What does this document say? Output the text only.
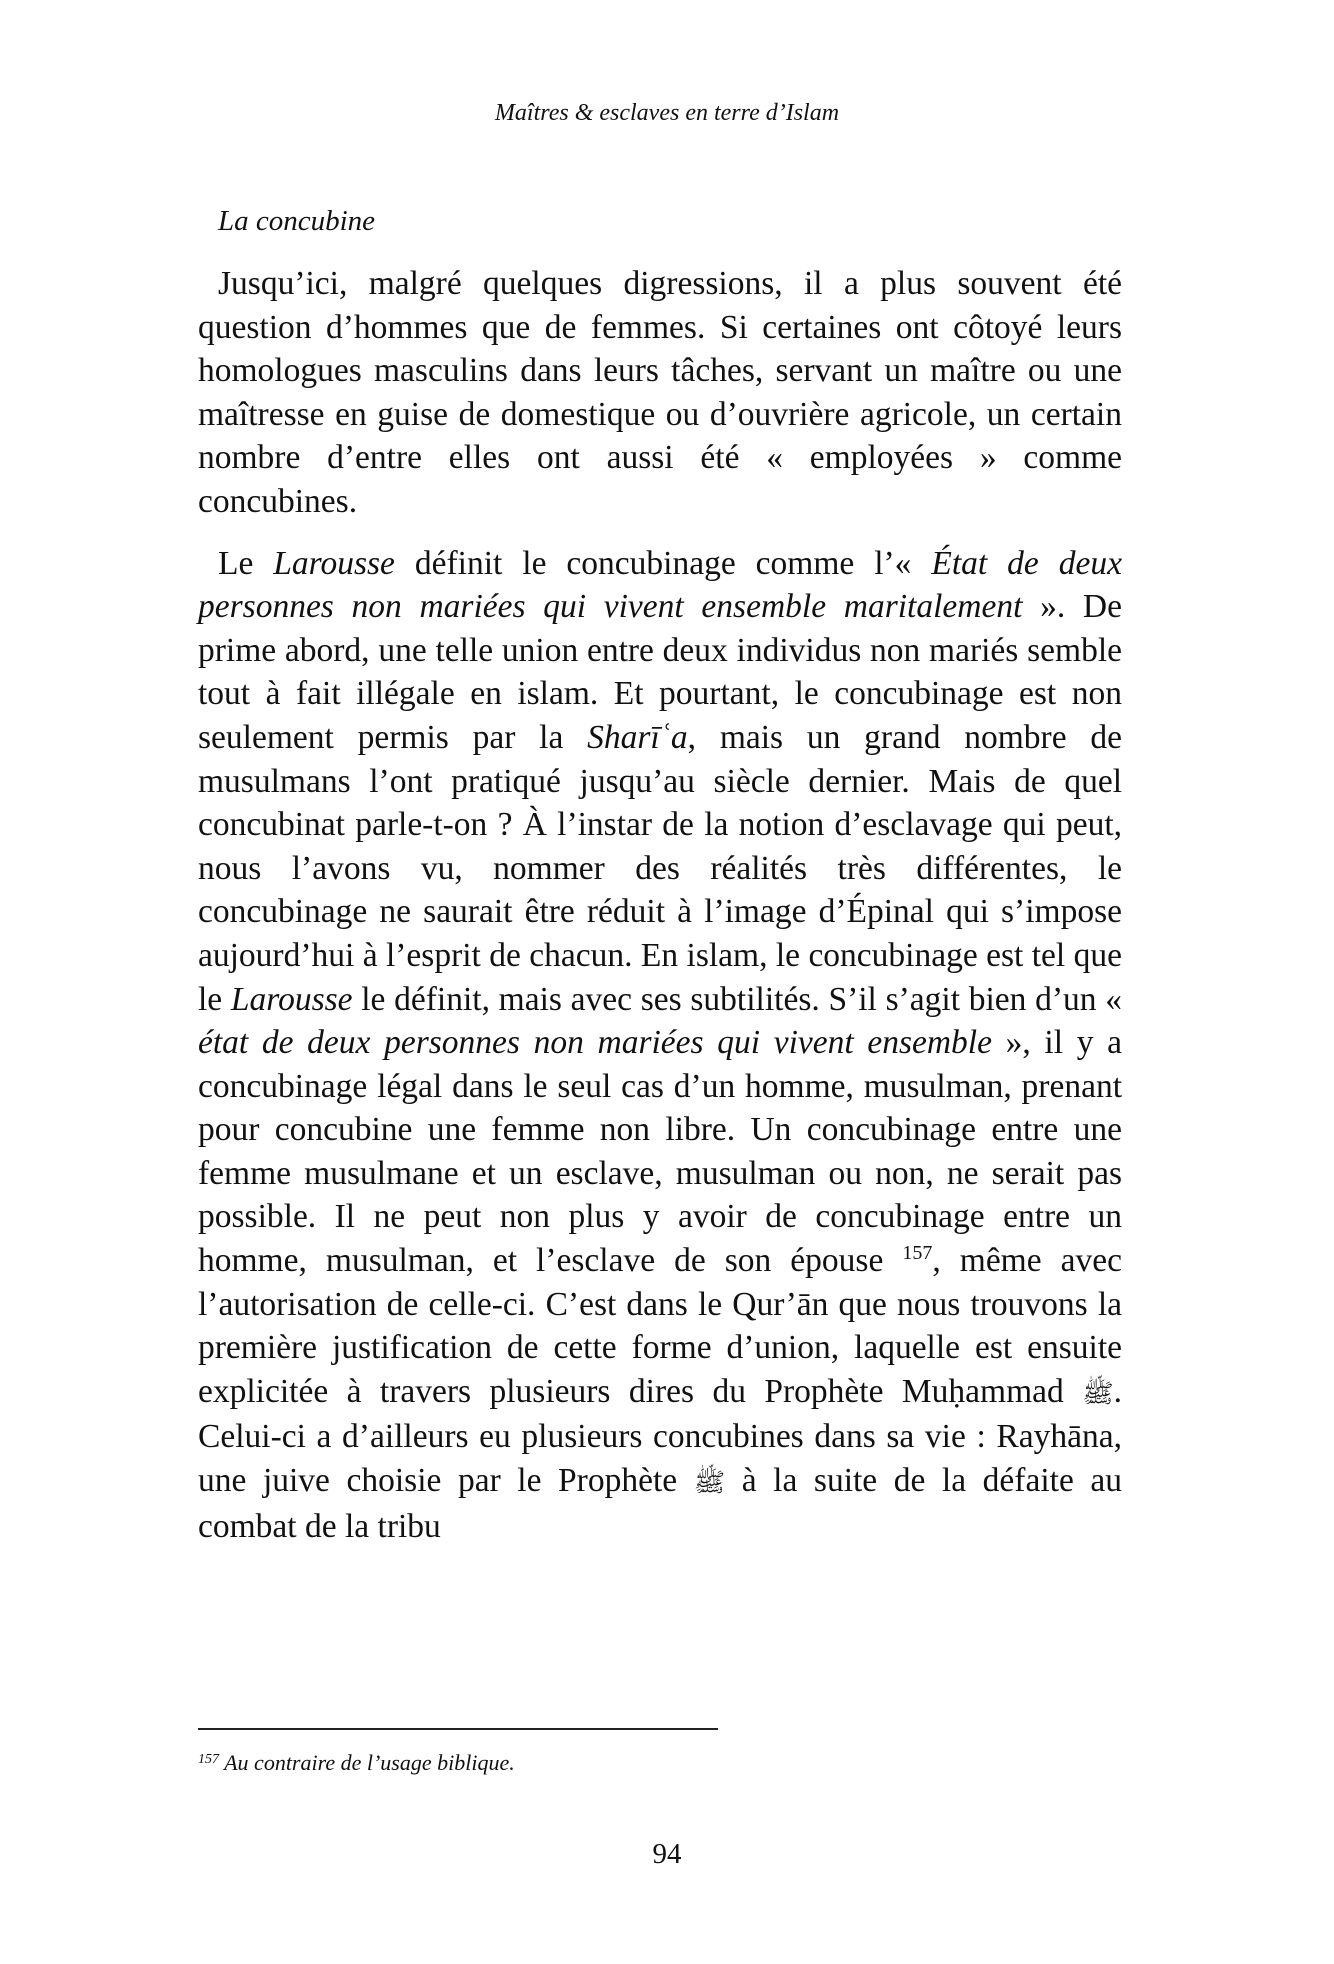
Maîtres & esclaves en terre d’Islam
La concubine

Jusqu’ici, malgré quelques digressions, il a plus souvent été question d’hommes que de femmes. Si certaines ont côtoyé leurs homologues masculins dans leurs tâches, servant un maître ou une maîtresse en guise de domestique ou d’ouvrière agricole, un certain nombre d’entre elles ont aussi été « employées » comme concubines.

Le Larousse définit le concubinage comme l’« État de deux personnes non mariées qui vivent ensemble maritalement ». De prime abord, une telle union entre deux individus non mariés semble tout à fait illégale en islam. Et pourtant, le concubinage est non seulement permis par la Sharīʿa, mais un grand nombre de musulmans l’ont pratiqué jusqu’au siècle dernier. Mais de quel concubinat parle-t-on ? À l’instar de la notion d’esclavage qui peut, nous l’avons vu, nommer des réalités très différentes, le concubinage ne saurait être réduit à l’image d’Épinal qui s’impose aujourd’hui à l’esprit de chacun. En islam, le concubinage est tel que le Larousse le définit, mais avec ses subtilités. S’il s’agit bien d’un « état de deux personnes non mariées qui vivent ensemble », il y a concubinage légal dans le seul cas d’un homme, musulman, prenant pour concubine une femme non libre. Un concubinage entre une femme musulmane et un esclave, musulman ou non, ne serait pas possible. Il ne peut non plus y avoir de concubinage entre un homme, musulman, et l’esclave de son épouse $^{157}$, même avec l’autorisation de celle-ci. C’est dans le Qur’ān que nous trouvons la première justification de cette forme d’union, laquelle est ensuite explicitée à travers plusieurs dires du Prophète Muḥammad ﷺ. Celui-ci a d’ailleurs eu plusieurs concubines dans sa vie : Rayhāna, une juive choisie par le Prophète ﷺ à la suite de la défaite au combat de la tribu

$^{157}$ Au contraire de l’usage biblique.
94
